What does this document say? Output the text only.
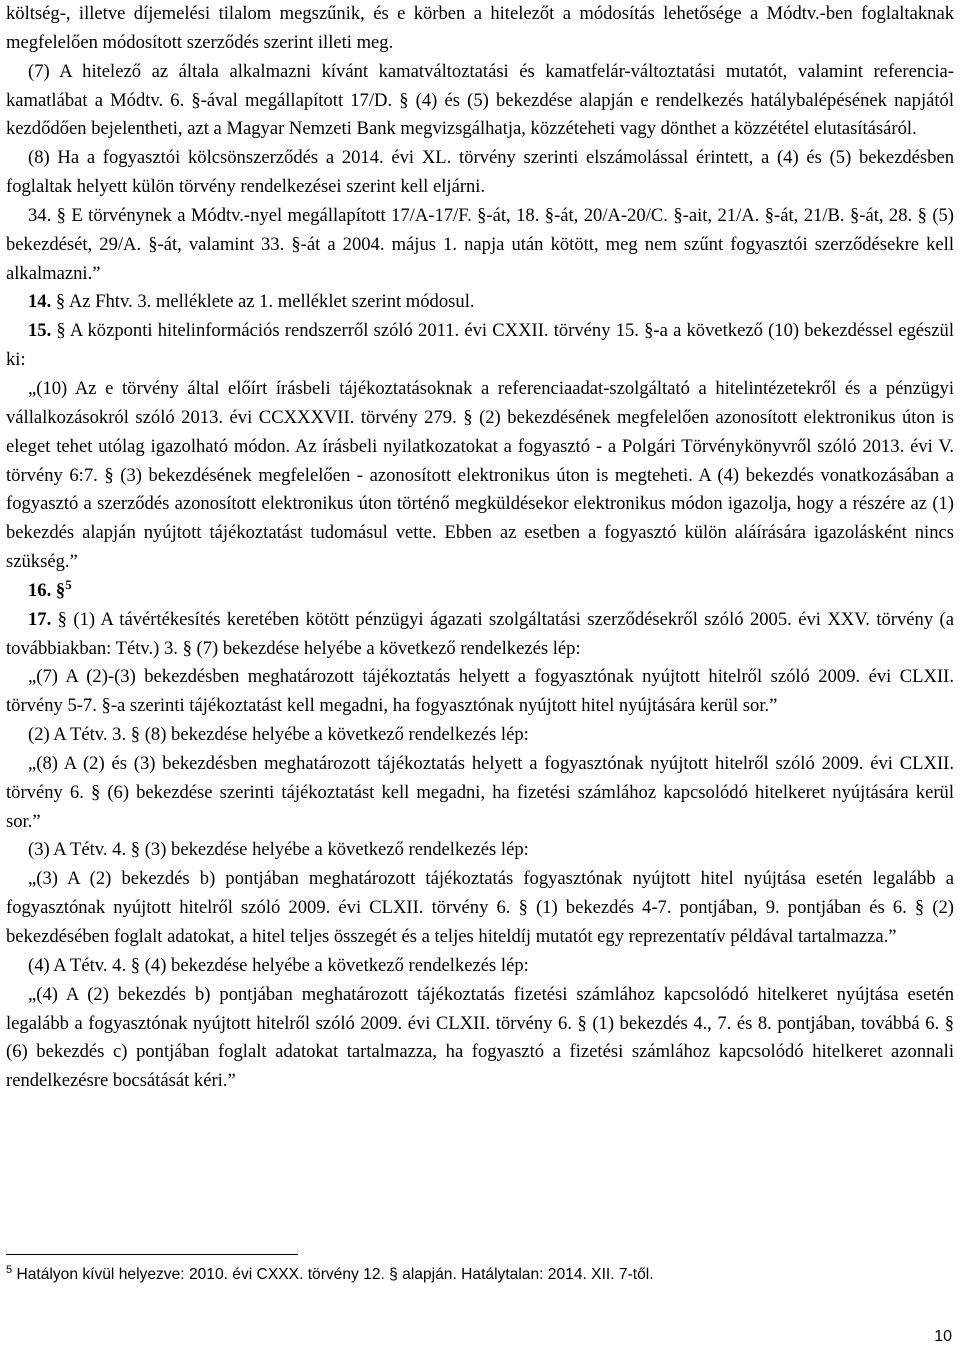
költség-, illetve díjemelési tilalom megszűnik, és e körben a hitelezőt a módosítás lehetősége a Módtv.-ben foglaltaknak megfelelően módosított szerződés szerint illeti meg.

(7) A hitelező az általa alkalmazni kívánt kamatváltoztatási és kamatfelár-változtatási mutatót, valamint referencia-kamatlábat a Módtv. 6. §-ával megállapított 17/D. § (4) és (5) bekezdése alapján e rendelkezés hatálybalépésének napjától kezdődően bejelentheti, azt a Magyar Nemzeti Bank megvizsgálhatja, közzéteheti vagy dönthet a közzététel elutasításáról.

(8) Ha a fogyasztói kölcsönszerződés a 2014. évi XL. törvény szerinti elszámolással érintett, a (4) és (5) bekezdésben foglaltak helyett külön törvény rendelkezései szerint kell eljárni.

34. § E törvénynek a Módtv.-nyel megállapított 17/A-17/F. §-át, 18. §-át, 20/A-20/C. §-ait, 21/A. §-át, 21/B. §-át, 28. § (5) bekezdését, 29/A. §-át, valamint 33. §-át a 2004. május 1. napja után kötött, meg nem szűnt fogyasztói szerződésekre kell alkalmazni.”

14. § Az Fhtv. 3. melléklete az 1. melléklet szerint módosul.

15. § A központi hitelinformációs rendszerről szóló 2011. évi CXXII. törvény 15. §-a a következő (10) bekezdéssel egészül ki:

„(10) Az e törvény által előírt írásbeli tájékoztatásoknak a referenciaadat-szolgáltató a hitelintézetekről és a pénzügyi vállalkozásokról szóló 2013. évi CCXXXVII. törvény 279. § (2) bekezdésének megfelelően azonosított elektronikus úton is eleget tehet utólag igazolható módon. Az írásbeli nyilatkozatokat a fogyasztó - a Polgári Törvénykönyvről szóló 2013. évi V. törvény 6:7. § (3) bekezdésének megfelelően - azonosított elektronikus úton is megteheti. A (4) bekezdés vonatkozásában a fogyasztó a szerződés azonosított elektronikus úton történő megküldésekor elektronikus módon igazolja, hogy a részére az (1) bekezdés alapján nyújtott tájékoztatást tudomásul vette. Ebben az esetben a fogyasztó külön aláírására igazolásként nincs szükség.”

16. §$^5$

17. § (1) A távértékesítés keretében kötött pénzügyi ágazati szolgáltatási szerződésekről szóló 2005. évi XXV. törvény (a továbbiakban: Tétv.) 3. § (7) bekezdése helyébe a következő rendelkezés lép:

„(7) A (2)-(3) bekezdésben meghatározott tájékoztatás helyett a fogyasztónak nyújtott hitelről szóló 2009. évi CLXII. törvény 5-7. §-a szerinti tájékoztatást kell megadni, ha fogyasztónak nyújtott hitel nyújtására kerül sor.”

(2) A Tétv. 3. § (8) bekezdése helyébe a következő rendelkezés lép:

„(8) A (2) és (3) bekezdésben meghatározott tájékoztatás helyett a fogyasztónak nyújtott hitelről szóló 2009. évi CLXII. törvény 6. § (6) bekezdése szerinti tájékoztatást kell megadni, ha fizetési számlához kapcsolódó hitelkeret nyújtására kerül sor.”

(3) A Tétv. 4. § (3) bekezdése helyébe a következő rendelkezés lép:

„(3) A (2) bekezdés b) pontjában meghatározott tájékoztatás fogyasztónak nyújtott hitel nyújtása esetén legalább a fogyasztónak nyújtott hitelről szóló 2009. évi CLXII. törvény 6. § (1) bekezdés 4-7. pontjában, 9. pontjában és 6. § (2) bekezdésében foglalt adatokat, a hitel teljes összegét és a teljes hiteldíj mutatót egy reprezentatív példával tartalmazza.”

(4) A Tétv. 4. § (4) bekezdése helyébe a következő rendelkezés lép:

„(4) A (2) bekezdés b) pontjában meghatározott tájékoztatás fizetési számlához kapcsolódó hitelkeret nyújtása esetén legalább a fogyasztónak nyújtott hitelről szóló 2009. évi CLXII. törvény 6. § (1) bekezdés 4., 7. és 8. pontjában, továbbá 6. § (6) bekezdés c) pontjában foglalt adatokat tartalmazza, ha fogyasztó a fizetési számlához kapcsolódó hitelkeret azonnali rendelkezésre bocsátását kéri.”

$^5$ Hatályon kívül helyezve: 2010. évi CXXX. törvény 12. § alapján. Hatálytalan: 2014. XII. 7-től.
10
